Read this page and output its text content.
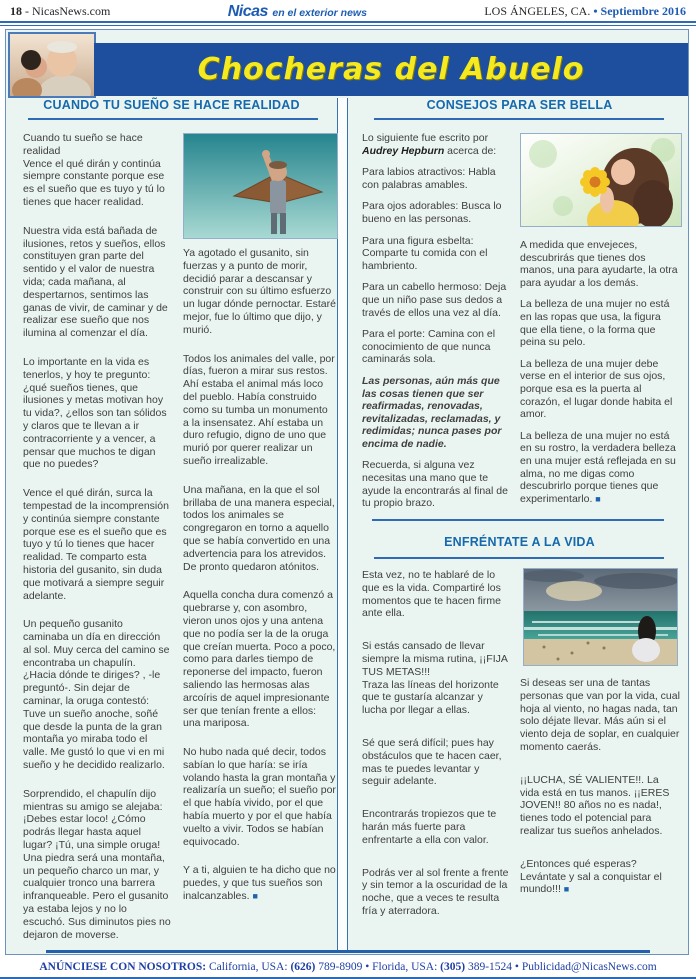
18 - NicasNews.com	Nicas en el exterior news	LOS ÁNGELES, CA. • Septiembre 2016
Chocheras del Abuelo
CUANDO TU SUEÑO SE HACE REALIDAD

Cuando tu sueño se hace realidad
Vence el qué dirán y continúa siempre constante porque ese es el sueño que es tuyo y tú lo tienes que hacer realidad.

Nuestra vida está bañada de ilusiones, retos y sueños, ellos constituyen gran parte del sentido y el valor de nuestra vida; cada mañana, al despertarnos, sentimos las ganas de vivir, de caminar y de realizar ese sueño que nos ilumina al comenzar el día.

Lo importante en la vida es tenerlos, y hoy te pregunto: ¿qué sueños tienes, que ilusiones y metas motivan hoy tu vida?, ¿ellos son tan sólidos y claros que te llevan a ir contracorriente y a vencer, a pensar que muchos te digan que no puedes?

Vence el qué dirán, surca la tempestad de la incomprensión y continúa siempre constante porque ese es el sueño que es tuyo y tú lo tienes que hacer realidad. Te comparto esta historia del gusanito, sin duda que motivará a siempre seguir adelante.

Un pequeño gusanito caminaba un día en dirección al sol. Muy cerca del camino se encontraba un chapulín. ¿Hacia dónde te diriges? , -le preguntó-. Sin dejar de caminar, la oruga contestó: Tuve un sueño anoche, soñé que desde la punta de la gran montaña yo miraba todo el valle. Me gustó lo que vi en mi sueño y he decidido realizarlo.

Sorprendido, el chapulín dijo mientras su amigo se alejaba: ¡Debes estar loco! ¿Cómo podrás llegar hasta aquel lugar? ¡Tú, una simple oruga! Una piedra será una montaña, un pequeño charco un mar, y cualquier tronco una barrera infranqueable. Pero el gusanito ya estaba lejos y no lo escuchó. Sus diminutos pies no dejaron de moverse.

Ya agotado el gusanito, sin fuerzas y a punto de morir, decidió parar a descansar y construir con su último esfuerzo un lugar dónde pernoctar. Estaré mejor, fue lo último que dijo, y murió.

Todos los animales del valle, por días, fueron a mirar sus restos. Ahí estaba el animal más loco del pueblo. Había construido como su tumba un monumento a la insensatez. Ahí estaba un duro refugio, digno de uno que murió por querer realizar un sueño irrealizable.

Una mañana, en la que el sol brillaba de una manera especial, todos los animales se congregaron en torno a aquello que se había convertido en una advertencia para los atrevidos. De pronto quedaron atónitos.

Aquella concha dura comenzó a quebrarse y, con asombro, vieron unos ojos y una antena que no podía ser la de la oruga que creían muerta. Poco a poco, como para darles tiempo de reponerse del impacto, fueron saliendo las hermosas alas arcoíris de aquel impresionante ser que tenían frente a ellos: una mariposa.

No hubo nada qué decir, todos sabían lo que haría: se iría volando hasta la gran montaña y realizaría un sueño; el sueño por el que había vivido, por el que había muerto y por el que había vuelto a vivir. Todos se habían equivocado.

Y a ti, alguien te ha dicho que no puedes, y que tus sueños son inalcanzables. ■

CONSEJOS PARA SER BELLA

Lo siguiente fue escrito por Audrey Hepburn acerca de:

Para labios atractivos: Habla con palabras amables.

Para ojos adorables: Busca lo bueno en las personas.

Para una figura esbelta: Comparte tu comida con el hambriento.

Para un cabello hermoso: Deja que un niño pase sus dedos a través de ellos una vez al día.

Para el porte: Camina con el conocimiento de que nunca caminarás sola.

Las personas, aún más que las cosas tienen que ser reafirmadas, renovadas, revitalizadas, reclamadas, y redimidas; nunca pases por encima de nadie.

Recuerda, si alguna vez necesitas una mano que te ayude la encontrarás al final de tu propio brazo.

A medida que envejeces, descubrirás que tienes dos manos, una para ayudarte, la otra para ayudar a los demás.

La belleza de una mujer no está en las ropas que usa, la figura que ella tiene, o la forma que peina su pelo.

La belleza de una mujer debe verse en el interior de sus ojos, porque esa es la puerta al corazón, el lugar donde habita el amor.

La belleza de una mujer no está en su rostro, la verdadera belleza en una mujer está reflejada en su alma, no me digas como descubrirlo porque tienes que experimentarlo. ■

ENFRÉNTATE A LA VIDA

Esta vez, no te hablaré de lo que es la vida. Compartiré los momentos que te hacen firme ante ella.

Si estás cansado de llevar siempre la misma rutina, ¡¡FIJA TUS METAS!!!
Traza las líneas del horizonte que te gustaría alcanzar y lucha por llegar a ellas.

Sé que será difícil; pues hay obstáculos que te hacen caer, mas te puedes levantar y seguir adelante.

Encontrarás tropiezos que te harán más fuerte para enfrentarte a ella con valor.

Podrás ver al sol frente a frente y sin temor a la oscuridad de la noche, que a veces te resulta fría y aterradora.

Si deseas ser una de tantas personas que van por la vida, cual hoja al viento, no hagas nada, tan solo déjate llevar. Más aún si el viento deja de soplar, en cualquier momento caerás.

¡¡LUCHA, SÉ VALIENTE!!. La vida está en tus manos. ¡¡ERES JOVEN!! 80 años no es nada!, tienes todo el potencial para realizar tus sueños anhelados.

¿Entonces qué esperas? Levántate y sal a conquistar el mundo!!! ■

ANÚNCIESE CON NOSOTROS: California, USA: (626) 789-8909 • Florida, USA: (305) 389-1524 • Publicidad@NicasNews.com
